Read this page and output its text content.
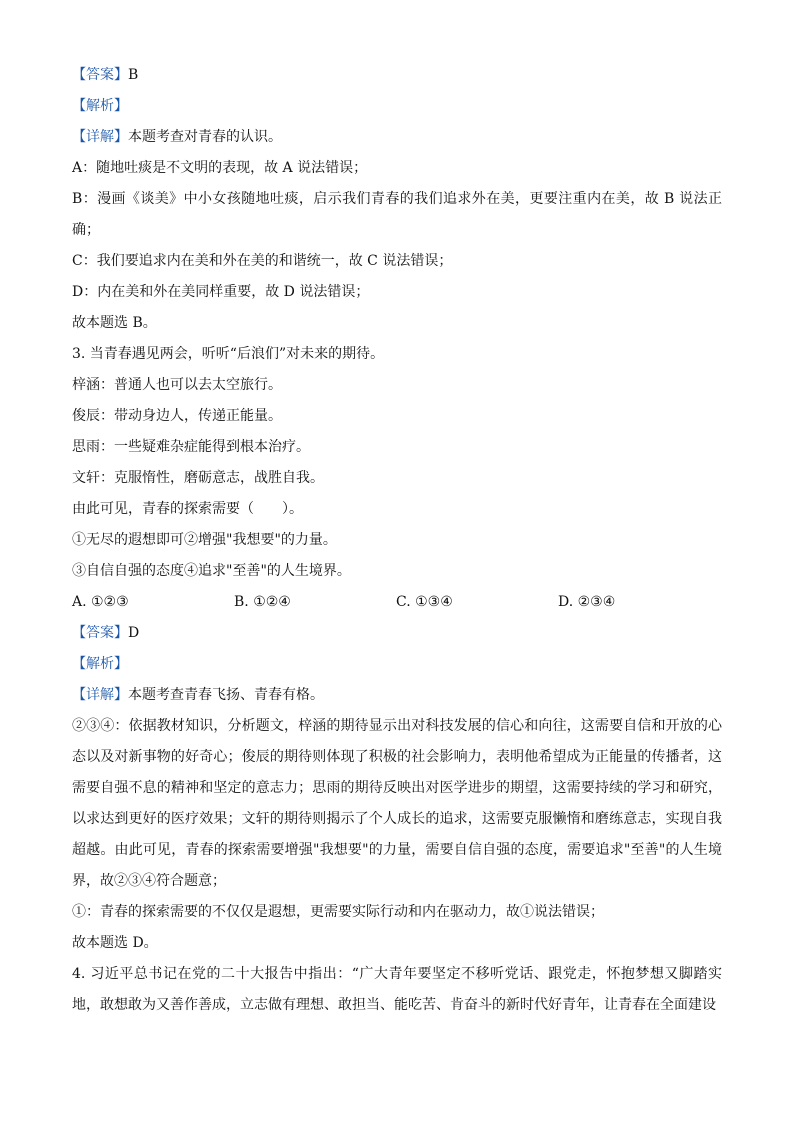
【答案】B
【解析】
【详解】本题考查对青春的认识。
A：随地吐痰是不文明的表现，故 A 说法错误；
B：漫画《谈美》中小女孩随地吐痰，启示我们青春的我们追求外在美，更要注重内在美，故 B 说法正确；
C：我们要追求内在美和外在美的和谐统一，故 C 说法错误；
D：内在美和外在美同样重要，故 D 说法错误；
故本题选 B。
3. 当青春遇见两会，听听“后浪们”对未来的期待。
梓涵：普通人也可以去太空旅行。
俊辰：带动身边人，传递正能量。
思雨：一些疑难杂症能得到根本治疗。
文轩：克服惰性，磨砺意志，战胜自我。
由此可见，青春的探索需要（　　）。
①无尽的遐想即可②增强"我想要"的力量。
③自信自强的态度④追求"至善"的人生境界。
A. ①②③	B. ①②④	C. ①③④	D. ②③④
【答案】D
【解析】
【详解】本题考查青春飞扬、青春有格。
②③④：依据教材知识，分析题文，梓涵的期待显示出对科技发展的信心和向往，这需要自信和开放的心态以及对新事物的好奇心；俊辰的期待则体现了积极的社会影响力，表明他希望成为正能量的传播者，这需要自强不息的精神和坚定的意志力；思雨的期待反映出对医学进步的期望，这需要持续的学习和研究，以求达到更好的医疗效果；文轩的期待则揭示了个人成长的追求，这需要克服懒惰和磨练意志，实现自我超越。由此可见，青春的探索需要增强"我想要"的力量，需要自信自强的态度，需要追求"至善"的人生境界，故②③④符合题意；
①：青春的探索需要的不仅仅是遐想，更需要实际行动和内在驱动力，故①说法错误；
故本题选 D。
4. 习近平总书记在党的二十大报告中指出：“广大青年要坚定不移听党话、跟党走，怀抱梦想又脚踏实地，敢想敢为又善作善成，立志做有理想、敢担当、能吃苦、肯奋斗的新时代好青年，让青春在全面建设
